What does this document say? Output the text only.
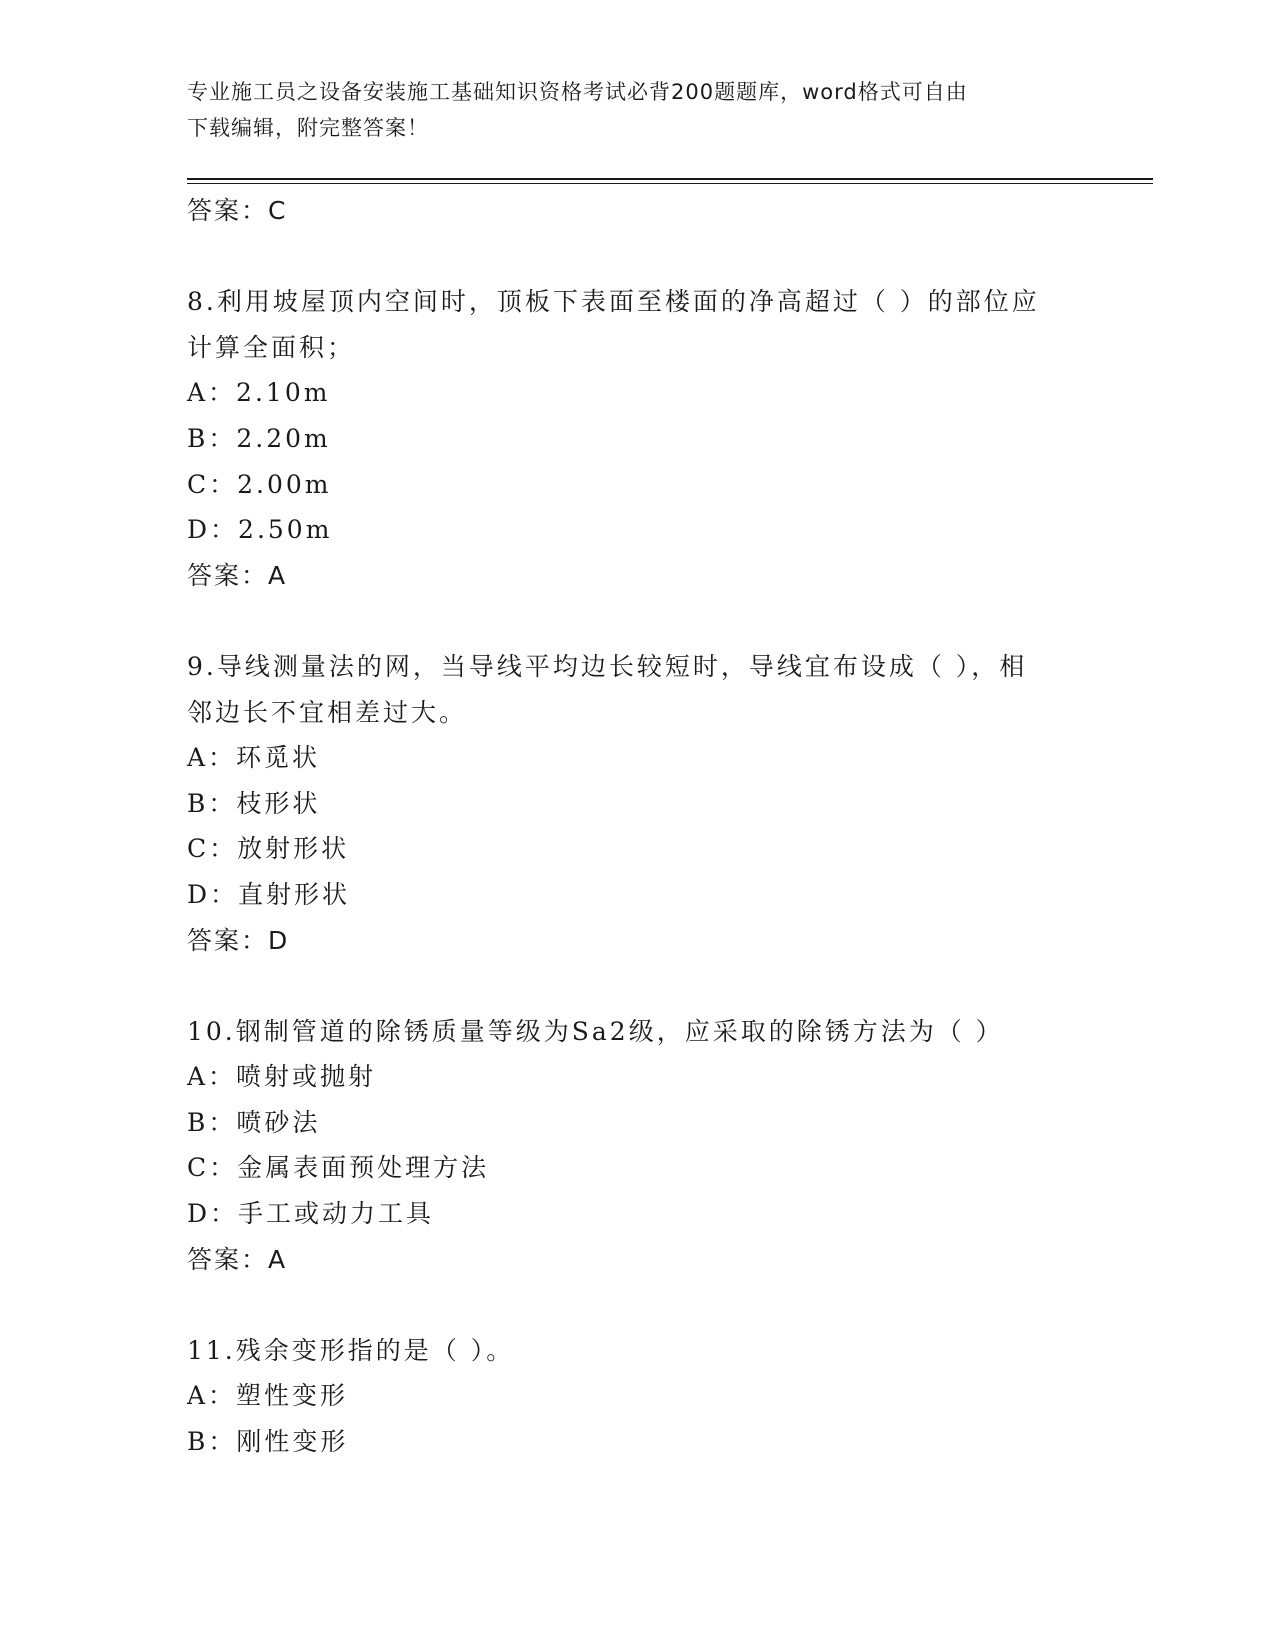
专业施工员之设备安装施工基础知识资格考试必背200题题库，word格式可自由
下载编辑，附完整答案！
答案：C
8.利用坡屋顶内空间时，顶板下表面至楼面的净高超过（ ）的部位应
计算全面积；
A：2.10m
B：2.20m
C：2.00m
D：2.50m
答案：A
9.导线测量法的网，当导线平均边长较短时，导线宜布设成（ ），相
邻边长不宜相差过大。
A：环觅状
B：枝形状
C：放射形状
D：直射形状
答案：D
10.钢制管道的除锈质量等级为Sa2级，应采取的除锈方法为（ ）
A：喷射或抛射
B：喷砂法
C：金属表面预处理方法
D：手工或动力工具
答案：A
11.残余变形指的是（ ）。
A：塑性变形
B：刚性变形
